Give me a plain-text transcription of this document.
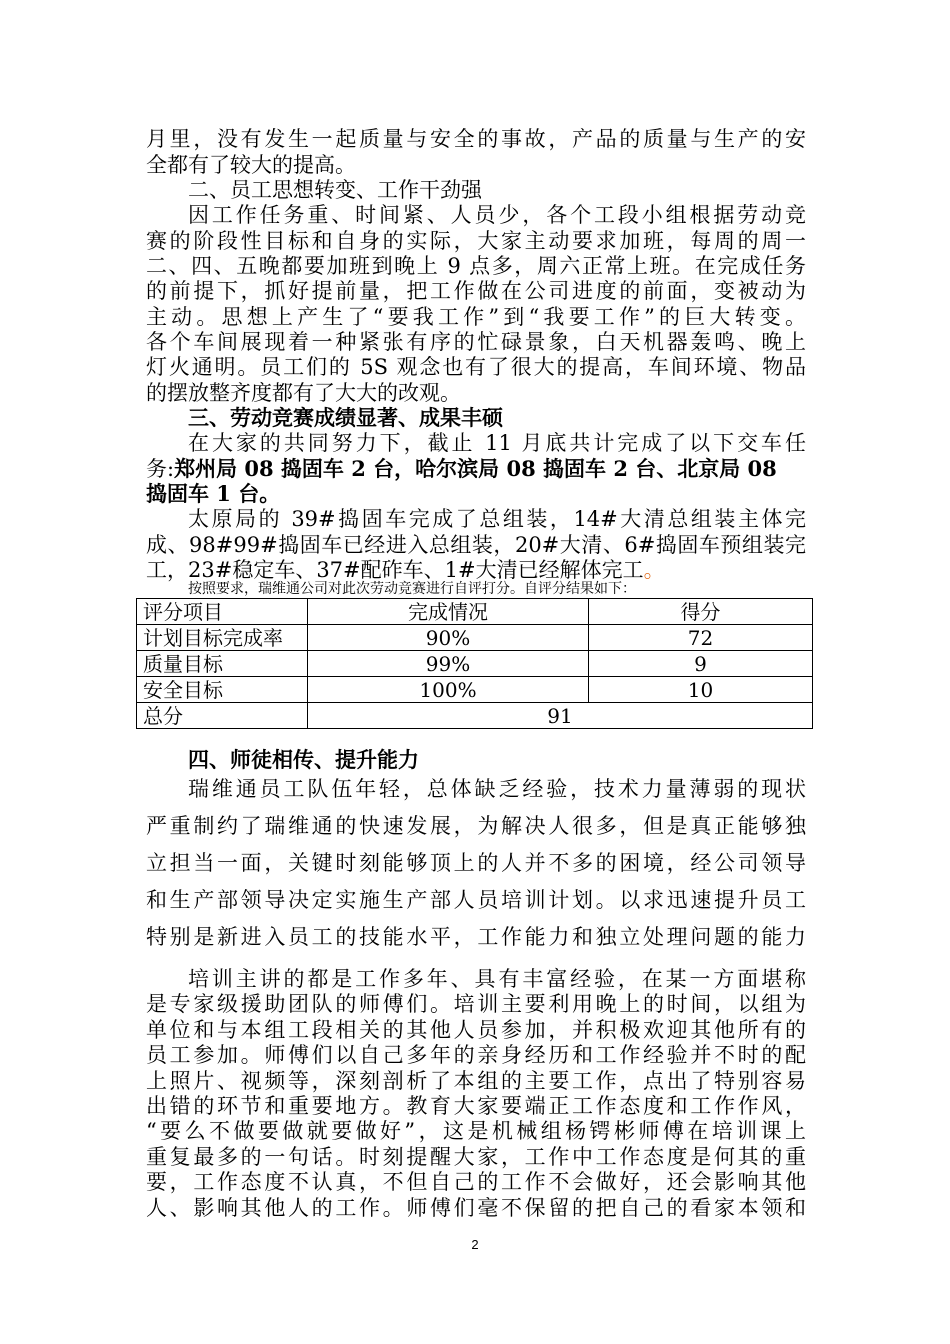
月里，没有发生一起质量与安全的事故，产品的质量与生产的安
全都有了较大的提高。
二、员工思想转变、工作干劲强
因工作任务重、时间紧、人员少，各个工段小组根据劳动竞
赛的阶段性目标和自身的实际，大家主动要求加班，每周的周一
二、四、五晚都要加班到晚上 9 点多，周六正常上班。在完成任务
的前提下，抓好提前量，把工作做在公司进度的前面，变被动为
主动。思想上产生了“要我工作”到“我要工作”的巨大转变。
各个车间展现着一种紧张有序的忙碌景象，白天机器轰鸣、晚上
灯火通明。员工们的 5S 观念也有了很大的提高，车间环境、物品
的摆放整齐度都有了大大的改观。
三、劳动竞赛成绩显著、成果丰硕
在大家的共同努力下，截止 11 月底共计完成了以下交车任
务:郑州局 08 捣固车 2 台，哈尔滨局 08 捣固车 2 台、北京局 08
捣固车 1 台。
太原局的 39#捣固车完成了总组装，14#大清总组装主体完
成、98#99#捣固车已经进入总组装，20#大清、6#捣固车预组装完
工，23#稳定车、37#配砟车、1#大清已经解体完工。
按照要求，瑞维通公司对此次劳动竞赛进行自评打分。自评分结果如下：
评分项目	完成情况	得分
计划目标完成率	90%	72
质量目标	99%	9
安全目标	100%	10
总分	91	
四、师徒相传、提升能力
瑞维通员工队伍年轻，总体缺乏经验，技术力量薄弱的现状
严重制约了瑞维通的快速发展，为解决人很多，但是真正能够独
立担当一面，关键时刻能够顶上的人并不多的困境，经公司领导
和生产部领导决定实施生产部人员培训计划。以求迅速提升员工
特别是新进入员工的技能水平，工作能力和独立处理问题的能力
培训主讲的都是工作多年、具有丰富经验，在某一方面堪称
是专家级援助团队的师傅们。培训主要利用晚上的时间，以组为
单位和与本组工段相关的其他人员参加，并积极欢迎其他所有的
员工参加。师傅们以自己多年的亲身经历和工作经验并不时的配
上照片、视频等，深刻剖析了本组的主要工作，点出了特别容易
出错的环节和重要地方。教育大家要端正工作态度和工作作风，
“要么不做要做就要做好”，这是机械组杨锷彬师傅在培训课上
重复最多的一句话。时刻提醒大家，工作中工作态度是何其的重
要，工作态度不认真，不但自己的工作不会做好，还会影响其他
人、影响其他人的工作。师傅们毫不保留的把自己的看家本领和
2
